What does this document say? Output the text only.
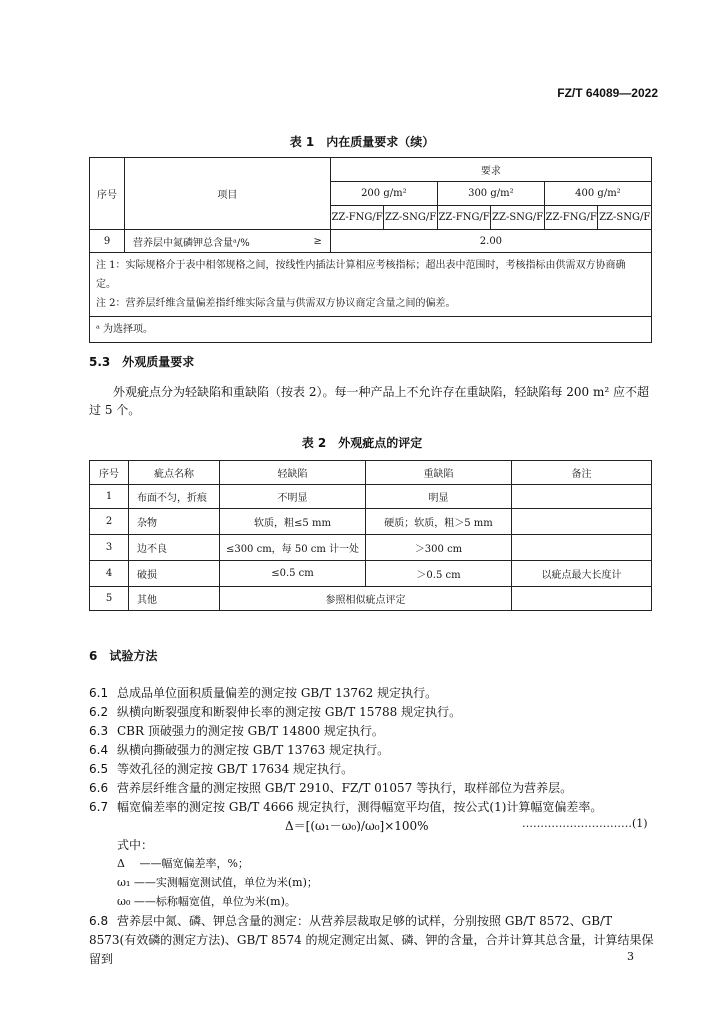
FZ/T 64089—2022
表 1　内在质量要求（续）
序号	项目		要求					
			200 g/m²		300 g/m²		400 g/m²	
			ZZ-FNG/F	ZZ-SNG/F	ZZ-FNG/F	ZZ-SNG/F	ZZ-FNG/F	ZZ-SNG/F
9	营养层中氮磷钾总含量ᵃ/%	≥	2.00					

注 1：实际规格介于表中相邻规格之间，按线性内插法计算相应考核指标；超出表中范围时，考核指标由供需双方协商确定。
注 2：营养层纤维含量偏差指纤维实际含量与供需双方协议商定含量之间的偏差。								

ᵃ 为选择项。								
5.3　外观质量要求
外观疵点分为轻缺陷和重缺陷（按表 2）。每一种产品上不允许存在重缺陷，轻缺陷每 200 m² 应不超过 5 个。
表 2　外观疵点的评定
序号	疵点名称	轻缺陷	重缺陷	备注
1	布面不匀，折痕	不明显	明显	
2	杂物	软质，粗≤5 mm	硬质；软质，粗＞5 mm	
3	边不良	≤300 cm，每 50 cm 计一处	＞300 cm	
4	破损	≤0.5 cm	＞0.5 cm	以疵点最大长度计
5	其他	参照相似疵点评定		
6　试验方法
6.1 总成品单位面积质量偏差的测定按 GB/T 13762 规定执行。
6.2 纵横向断裂强度和断裂伸长率的测定按 GB/T 15788 规定执行。
6.3 CBR 顶破强力的测定按 GB/T 14800 规定执行。
6.4 纵横向撕破强力的测定按 GB/T 13763 规定执行。
6.5 等效孔径的测定按 GB/T 17634 规定执行。
6.6 营养层纤维含量的测定按照 GB/T 2910、FZ/T 01057 等执行，取样部位为营养层。
6.7 幅宽偏差率的测定按 GB/T 4666 规定执行，测得幅宽平均值，按公式(1)计算幅宽偏差率。
Δ＝[(ω₁－ω₀)/ω₀]×100%	…………………………(1)
式中：
Δ 　——幅宽偏差率，%；
ω₁ ——实测幅宽测试值，单位为米(m)；
ω₀ ——标称幅宽值，单位为米(m)。
6.8 营养层中氮、磷、钾总含量的测定：从营养层裁取足够的试样，分别按照 GB/T 8572、GB/T 8573(有效磷的测定方法)、GB/T 8574 的规定测定出氮、磷、钾的含量，合并计算其总含量，计算结果保留到	3
